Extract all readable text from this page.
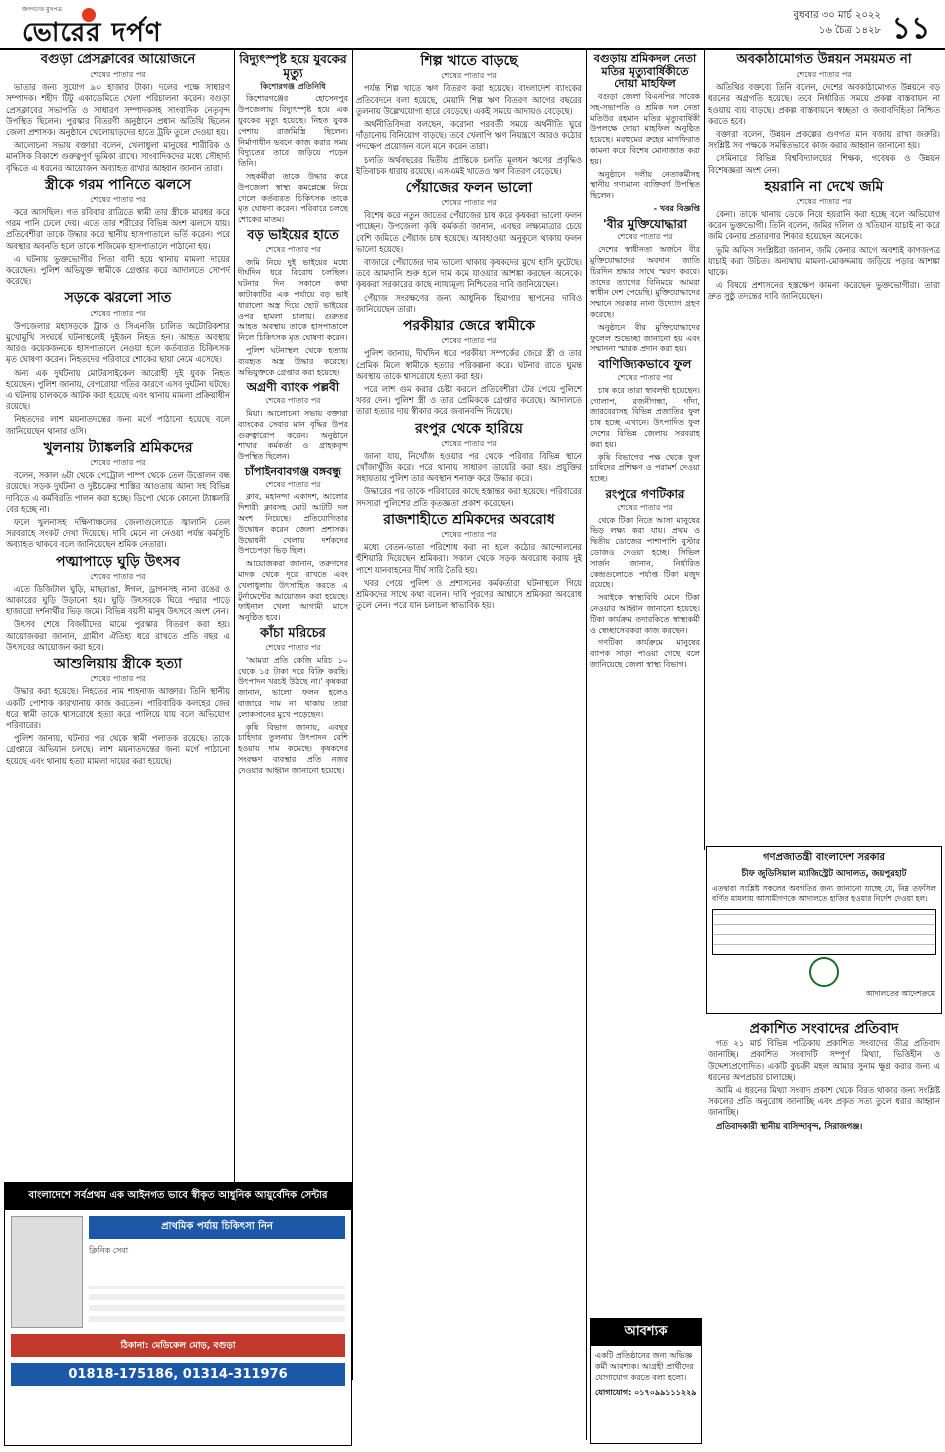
জনগণের মুখপত্র
ভোরের দর্পণ
বুধবার ৩০ মার্চ ২০২২
১৬ চৈত্র ১৪২৮ ১১
বগুড়া প্রেসক্লাবের আয়োজনে
শেষের পাতার পর

ভাতার জন্য সুযোগ ৯০ হাজার টাকা। দলের পক্ষে সাধারণ সম্পাদক। শহীদ টিটু একাডেমিতে খেলা পরিচালনা করেন। বগুড়া প্রেসক্লাবের সভাপতি ও সাধারণ সম্পাদকসহ সাংবাদিক নেতৃবৃন্দ উপস্থিত ছিলেন। পুরস্কার বিতরণী অনুষ্ঠানে প্রধান অতিথি ছিলেন জেলা প্রশাসক। অনুষ্ঠানে খেলোয়াড়দের হাতে ট্রফি তুলে দেওয়া হয়।

আলোচনা সভায় বক্তারা বলেন, খেলাধুলা মানুষের শারীরিক ও মানসিক বিকাশে গুরুত্বপূর্ণ ভূমিকা রাখে। সাংবাদিকদের মধ্যে সৌহার্দ্য বৃদ্ধিতে এ ধরনের আয়োজন অব্যাহত রাখার আহ্বান জানান তারা।

স্ত্রীকে গরম পানিতে ঝলসে
শেষের পাতার পর

করে আসছিল। গত রবিবার রাত্রিতে স্বামী তার স্ত্রীকে মারধর করে গরম পানি ঢেলে দেয়। এতে তার শরীরের বিভিন্ন অংশ ঝলসে যায়। প্রতিবেশীরা তাকে উদ্ধার করে স্থানীয় হাসপাতালে ভর্তি করেন। পরে অবস্থার অবনতি হলে তাকে শজিমেক হাসপাতালে পাঠানো হয়।

এ ঘটনায় ভুক্তভোগীর পিতা বাদী হয়ে থানায় মামলা দায়ের করেছেন। পুলিশ অভিযুক্ত স্বামীকে গ্রেপ্তার করে আদালতে সোপর্দ করেছে।

সড়কে ঝরলো সাত
শেষের পাতার পর

উপজেলার মহাসড়কে ট্রাক ও সিএনজি চালিত অটোরিকশার মুখোমুখি সংঘর্ষে ঘটনাস্থলেই দুইজন নিহত হন। আহত অবস্থায় আরও কয়েকজনকে হাসপাতালে নেওয়া হলে কর্তব্যরত চিকিৎসক মৃত ঘোষণা করেন। নিহতদের পরিবারে শোকের ছায়া নেমে এসেছে।

অন্য এক দুর্ঘটনায় মোটরসাইকেল আরোহী দুই যুবক নিহত হয়েছেন। পুলিশ জানায়, বেপরোয়া গতির কারণে এসব দুর্ঘটনা ঘটছে। এ ঘটনায় চালককে আটক করা হয়েছে এবং থানায় মামলা প্রক্রিয়াধীন রয়েছে।

নিহতদের লাশ ময়নাতদন্তের জন্য মর্গে পাঠানো হয়েছে বলে জানিয়েছেন থানার ওসি।

খুলনায় ট্যাঙ্কলরি শ্রমিকদের
শেষের পাতার পর

বলেন, সকাল ৬টা থেকে পেট্রোল পাম্প থেকে তেল উত্তোলন বন্ধ রয়েছে। সড়ক দুর্ঘটনা ও দুষ্টচক্রের শাস্তির আওতায় আনা সহ বিভিন্ন দাবিতে এ কর্মবিরতি পালন করা হচ্ছে। ডিপো থেকে কোনো ট্যাঙ্কলরি বের হচ্ছে না।

ফলে খুলনাসহ দক্ষিণাঞ্চলের জেলাগুলোতে জ্বালানি তেল সরবরাহে সংকট দেখা দিয়েছে। দাবি মেনে না নেওয়া পর্যন্ত কর্মসূচি অব্যাহত থাকবে বলে জানিয়েছেন শ্রমিক নেতারা।

পত্মাপাড়ে ঘুড়ি উৎসব
শেষের পাতার পর

এতে ডিজিটাল ঘুড়ি, মাছরাঙা, ঈগল, ড্রাগনসহ নানা রঙের ও আকারের ঘুড়ি উড়ানো হয়। ঘুড়ি উৎসবকে ঘিরে পদ্মার পাড়ে হাজারো দর্শনার্থীর ভিড় জমে। বিভিন্ন বয়সী মানুষ উৎসবে অংশ নেন।

উৎসব শেষে বিজয়ীদের মাঝে পুরস্কার বিতরণ করা হয়। আয়োজকরা জানান, গ্রামীণ ঐতিহ্য ধরে রাখতে প্রতি বছর এ উৎসবের আয়োজন করা হবে।

আশুলিয়ায় স্ত্রীকে হত্যা
শেষের পাতার পর

উদ্ধার করা হয়েছে। নিহতের নাম শাহনাজ আক্তার। তিনি স্থানীয় একটি পোশাক কারখানায় কাজ করতেন। পারিবারিক কলহের জের ধরে স্বামী তাকে শ্বাসরোধে হত্যা করে পালিয়ে যায় বলে অভিযোগ পরিবারের।

পুলিশ জানায়, ঘটনার পর থেকে স্বামী পলাতক রয়েছে। তাকে গ্রেপ্তারে অভিযান চলছে। লাশ ময়নাতদন্তের জন্য মর্গে পাঠানো হয়েছে এবং থানায় হত্যা মামলা দায়ের করা হয়েছে।

বাংলাদেশে সর্বপ্রথম এক আইনগত ভাবে স্বীকৃত আধুনিক আয়ুর্বেদিক সেন্টার
প্রাথমিক পর্যায় চিকিৎসা নিন
ক্লিনিক সেবা
ঠিকানা: মেডিকেল মোড়, বগুড়া
01818-175186, 01314-311976
বিদ্যুৎস্পৃষ্ট হয়ে যুবকের মৃত্যু
কিশোরগঞ্জ প্রতিনিধি

কিশোরগঞ্জের হোসেনপুর উপজেলায় বিদ্যুৎস্পৃষ্ট হয়ে এক যুবকের মৃত্যু হয়েছে। নিহত যুবক পেশায় রাজমিস্ত্রি ছিলেন। নির্মাণাধীন ভবনে কাজ করার সময় বিদ্যুতের তারে জড়িয়ে পড়েন তিনি।

সহকর্মীরা তাকে উদ্ধার করে উপজেলা স্বাস্থ্য কমপ্লেক্সে নিয়ে গেলে কর্তব্যরত চিকিৎসক তাকে মৃত ঘোষণা করেন। পরিবারে চলছে শোকের মাতম।

বড় ভাইয়ের হাতে
শেষের পাতার পর

জমি নিয়ে দুই ভাইয়ের মধ্যে দীর্ঘদিন ধরে বিরোধ চলছিল। ঘটনার দিন সকালে কথা কাটাকাটির এক পর্যায়ে বড় ভাই ধারালো অস্ত্র দিয়ে ছোট ভাইয়ের ওপর হামলা চালায়। গুরুতর আহত অবস্থায় তাকে হাসপাতালে নিলে চিকিৎসক মৃত ঘোষণা করেন।

পুলিশ ঘটনাস্থল থেকে হত্যায় ব্যবহৃত অস্ত্র উদ্ধার করেছে। অভিযুক্তকে গ্রেপ্তার করা হয়েছে।

অগ্রণী ব্যাংক পল্লবী
শেষের পাতার পর

মিয়া। আলোচনা সভায় বক্তারা ব্যাংকের সেবার মান বৃদ্ধির উপর গুরুত্বারোপ করেন। অনুষ্ঠানে শাখার কর্মকর্তা ও গ্রাহকবৃন্দ উপস্থিত ছিলেন।

চাঁপাইনবাবগঞ্জ বঙ্গবন্ধু
শেষের পাতার পর

ক্লাব, মহানন্দা একাদশ, আলোর দিশারী ক্লাবসহ মোট আটটি দল অংশ নিয়েছে। প্রতিযোগিতার উদ্বোধন করেন জেলা প্রশাসক। উদ্বোধনী খেলায় দর্শকদের উপচেপড়া ভিড় ছিল।

আয়োজকরা জানান, তরুণদের মাদক থেকে দূরে রাখতে এবং খেলাধুলায় উৎসাহিত করতে এ টুর্নামেন্টের আয়োজন করা হয়েছে। ফাইনাল খেলা আগামী মাসে অনুষ্ঠিত হবে।

কাঁচা মরিচের
শেষের পাতার পর

'আমরা প্রতি কেজি মরিচ ১০ থেকে ১৫ টাকা দরে বিক্রি করছি। উৎপাদন খরচই উঠছে না।' কৃষকরা জানান, ভালো ফলন হলেও বাজারে দাম না থাকায় তারা লোকসানের মুখে পড়েছেন।

কৃষি বিভাগ জানায়, এবছর চাহিদার তুলনায় উৎপাদন বেশি হওয়ায় দাম কমেছে। কৃষকদের সংরক্ষণ ব্যবস্থার প্রতি নজর দেওয়ার আহ্বান জানানো হয়েছে।

শিল্প খাতে বাড়ছে
শেষের পাতার পর

পর্যন্ত শিল্প খাতে ঋণ বিতরণ করা হয়েছে। বাংলাদেশ ব্যাংকের প্রতিবেদনে বলা হয়েছে, মেয়াদি শিল্প ঋণ বিতরণ আগের বছরের তুলনায় উল্লেখযোগ্য হারে বেড়েছে। একই সময়ে আদায়ও বেড়েছে।

অর্থনীতিবিদরা বলছেন, করোনা পরবর্তী সময়ে অর্থনীতি ঘুরে দাঁড়ানোয় বিনিয়োগ বাড়ছে। তবে খেলাপি ঋণ নিয়ন্ত্রণে আরও কঠোর পদক্ষেপ প্রয়োজন বলে মনে করেন তারা।

চলতি অর্থবছরের দ্বিতীয় প্রান্তিকে চলতি মূলধন ঋণের প্রবৃদ্ধিও ইতিবাচক ধারায় রয়েছে। এসএমই খাতেও ঋণ বিতরণ বেড়েছে।

পেঁয়াজের ফলন ভালো
শেষের পাতার পর

বিশেষ করে নতুন জাতের পেঁয়াজের চাষ করে কৃষকরা ভালো ফলন পাচ্ছেন। উপজেলা কৃষি কর্মকর্তা জানান, এবছর লক্ষ্যমাত্রার চেয়ে বেশি জমিতে পেঁয়াজ চাষ হয়েছে। আবহাওয়া অনুকূলে থাকায় ফলন ভালো হয়েছে।

বাজারে পেঁয়াজের দাম ভালো থাকায় কৃষকদের মুখে হাসি ফুটেছে। তবে আমদানি শুরু হলে দাম কমে যাওয়ার আশঙ্কা করছেন অনেকে। কৃষকরা সরকারের কাছে ন্যায্যমূল্য নিশ্চিতের দাবি জানিয়েছেন।

পেঁয়াজ সংরক্ষণের জন্য আধুনিক হিমাগার স্থাপনের দাবিও জানিয়েছেন তারা।

পরকীয়ার জেরে স্বামীকে
শেষের পাতার পর

পুলিশ জানায়, দীর্ঘদিন ধরে পরকীয়া সম্পর্কের জেরে স্ত্রী ও তার প্রেমিক মিলে স্বামীকে হত্যার পরিকল্পনা করে। ঘটনার রাতে ঘুমন্ত অবস্থায় তাকে শ্বাসরোধে হত্যা করা হয়।

পরে লাশ গুম করার চেষ্টা করলে প্রতিবেশীরা টের পেয়ে পুলিশে খবর দেন। পুলিশ স্ত্রী ও তার প্রেমিককে গ্রেপ্তার করেছে। আদালতে তারা হত্যার দায় স্বীকার করে জবানবন্দি দিয়েছে।

রংপুর থেকে হারিয়ে
শেষের পাতার পর

জানা যায়, নিখোঁজ হওয়ার পর থেকে পরিবার বিভিন্ন স্থানে খোঁজাখুঁজি করে। পরে থানায় সাধারণ ডায়েরি করা হয়। প্রযুক্তির সহায়তায় পুলিশ তার অবস্থান শনাক্ত করে উদ্ধার করে।

উদ্ধারের পর তাকে পরিবারের কাছে হস্তান্তর করা হয়েছে। পরিবারের সদস্যরা পুলিশের প্রতি কৃতজ্ঞতা প্রকাশ করেছেন।

রাজশাহীতে শ্রমিকদের অবরোধ
শেষের পাতার পর

মধ্যে বেতন-ভাতা পরিশোধ করা না হলে কঠোর আন্দোলনের হুঁশিয়ারি দিয়েছেন শ্রমিকরা। সকাল থেকে সড়ক অবরোধ করায় দুই পাশে যানবাহনের দীর্ঘ সারি তৈরি হয়।

খবর পেয়ে পুলিশ ও প্রশাসনের কর্মকর্তারা ঘটনাস্থলে গিয়ে শ্রমিকদের সাথে কথা বলেন। দাবি পূরণের আশ্বাসে শ্রমিকরা অবরোধ তুলে নেন। পরে যান চলাচল স্বাভাবিক হয়।

বগুড়ায় শ্রমিকদল নেতা মতির মৃত্যুবার্ষিকীতে দোয়া মাহফিল

বগুড়া জেলা বিএনপির সাবেক সহ-সভাপতি ও শ্রমিক দল নেতা মতিউর রহমান মতির মৃত্যুবার্ষিকী উপলক্ষে দোয়া মাহফিল অনুষ্ঠিত হয়েছে। মরহুমের রুহের মাগফিরাত কামনা করে বিশেষ মোনাজাত করা হয়।

অনুষ্ঠানে দলীয় নেতাকর্মীসহ স্থানীয় গণ্যমান্য ব্যক্তিবর্গ উপস্থিত ছিলেন।

- খবর বিজ্ঞপ্তি
'বীর মুক্তিযোদ্ধারা
শেষের পাতার পর

দেশের স্বাধীনতা অর্জনে বীর মুক্তিযোদ্ধাদের অবদান জাতি চিরদিন শ্রদ্ধার সাথে স্মরণ করবে। তাদের ত্যাগের বিনিময়ে আমরা স্বাধীন দেশ পেয়েছি। মুক্তিযোদ্ধাদের সম্মানে সরকার নানা উদ্যোগ গ্রহণ করেছে।

অনুষ্ঠানে বীর মুক্তিযোদ্ধাদের ফুলেল শুভেচ্ছা জানানো হয় এবং সম্মাননা স্মারক প্রদান করা হয়।

বাণিজ্যিকভাবে ফুল
শেষের পাতার পর

চাষ করে তারা স্বাবলম্বী হয়েছেন। গোলাপ, রজনীগন্ধা, গাঁদা, জারবেরাসহ বিভিন্ন প্রজাতির ফুল চাষ হচ্ছে এখানে। উৎপাদিত ফুল দেশের বিভিন্ন জেলায় সরবরাহ করা হয়।

কৃষি বিভাগের পক্ষ থেকে ফুল চাষিদের প্রশিক্ষণ ও পরামর্শ দেওয়া হচ্ছে।

রংপুরে গণটিকার
শেষের পাতার পর

থেকে টিকা নিতে আসা মানুষের ভিড় লক্ষ্য করা যায়। প্রথম ও দ্বিতীয় ডোজের পাশাপাশি বুস্টার ডোজও দেওয়া হচ্ছে। সিভিল সার্জন জানান, নির্ধারিত কেন্দ্রগুলোতে পর্যাপ্ত টিকা মজুদ রয়েছে।

সবাইকে স্বাস্থ্যবিধি মেনে টিকা নেওয়ার আহ্বান জানানো হয়েছে। টিকা কার্যক্রম তদারকিতে স্বাস্থ্যকর্মী ও স্বেচ্ছাসেবকরা কাজ করছেন।

গণটিকা কার্যক্রমে মানুষের ব্যাপক সাড়া পাওয়া গেছে বলে জানিয়েছে জেলা স্বাস্থ্য বিভাগ।

আবশ্যক
একটি প্রতিষ্ঠানের জন্য অভিজ্ঞ কর্মী আবশ্যক। আগ্রহী প্রার্থীদের যোগাযোগ করতে বলা হলো।
যোগাযোগ: ০১৭০৯৯১১১২২৯
অবকাঠামোগত উন্নয়ন সময়মত না
শেষের পাতার পর

অতিথির বক্তব্যে তিনি বলেন, দেশের অবকাঠামোগত উন্নয়নে বড় ধরনের অগ্রগতি হয়েছে। তবে নির্ধারিত সময়ে প্রকল্প বাস্তবায়ন না হওয়ায় ব্যয় বাড়ছে। প্রকল্প বাস্তবায়নে স্বচ্ছতা ও জবাবদিহিতা নিশ্চিত করতে হবে।

বক্তারা বলেন, উন্নয়ন প্রকল্পের গুণগত মান বজায় রাখা জরুরি। সংশ্লিষ্ট সব পক্ষকে সমন্বিতভাবে কাজ করার আহ্বান জানানো হয়।

সেমিনারে বিভিন্ন বিশ্ববিদ্যালয়ের শিক্ষক, গবেষক ও উন্নয়ন বিশেষজ্ঞরা অংশ নেন।

হয়রানি না দেখে জমি
শেষের পাতার পর

কেনা। তাকে থানায় ডেকে নিয়ে হয়রানি করা হচ্ছে বলে অভিযোগ করেন ভুক্তভোগী। তিনি বলেন, জমির দলিল ও খতিয়ান যাচাই না করে জমি কেনায় প্রতারণার শিকার হয়েছেন অনেকে।

ভূমি অফিস সংশ্লিষ্টরা জানান, জমি কেনার আগে অবশ্যই কাগজপত্র যাচাই করা উচিত। অন্যথায় মামলা-মোকদ্দমায় জড়িয়ে পড়ার আশঙ্কা থাকে।

এ বিষয়ে প্রশাসনের হস্তক্ষেপ কামনা করেছেন ভুক্তভোগীরা। তারা দ্রুত সুষ্ঠু তদন্তের দাবি জানিয়েছেন।

গণপ্রজাতন্ত্রী বাংলাদেশ সরকার
চীফ জুডিসিয়াল ম্যাজিস্ট্রেট আদালত, জয়পুরহাট
এতদ্বারা সংশ্লিষ্ট সকলের অবগতির জন্য জানানো যাচ্ছে যে, নিম্ন তফসিল বর্ণিত মামলায় আসামীগণকে আদালতে হাজির হওয়ার নির্দেশ দেওয়া হল।
আদালতের আদেশক্রমে
প্রকাশিত সংবাদের প্রতিবাদ

গত ২১ মার্চ বিভিন্ন পত্রিকায় প্রকাশিত সংবাদের তীব্র প্রতিবাদ জানাচ্ছি। প্রকাশিত সংবাদটি সম্পূর্ণ মিথ্যা, ভিত্তিহীন ও উদ্দেশ্যপ্রণোদিত। একটি কুচক্রী মহল আমার সুনাম ক্ষুণ্ণ করার জন্য এ ধরনের অপপ্রচার চালাচ্ছে।

আমি এ ধরনের মিথ্যা সংবাদ প্রকাশ থেকে বিরত থাকার জন্য সংশ্লিষ্ট সকলের প্রতি অনুরোধ জানাচ্ছি এবং প্রকৃত সত্য তুলে ধরার আহ্বান জানাচ্ছি।

প্রতিবাদকারী স্থানীয় বাসিন্দাবৃন্দ, সিরাজগঞ্জ।
